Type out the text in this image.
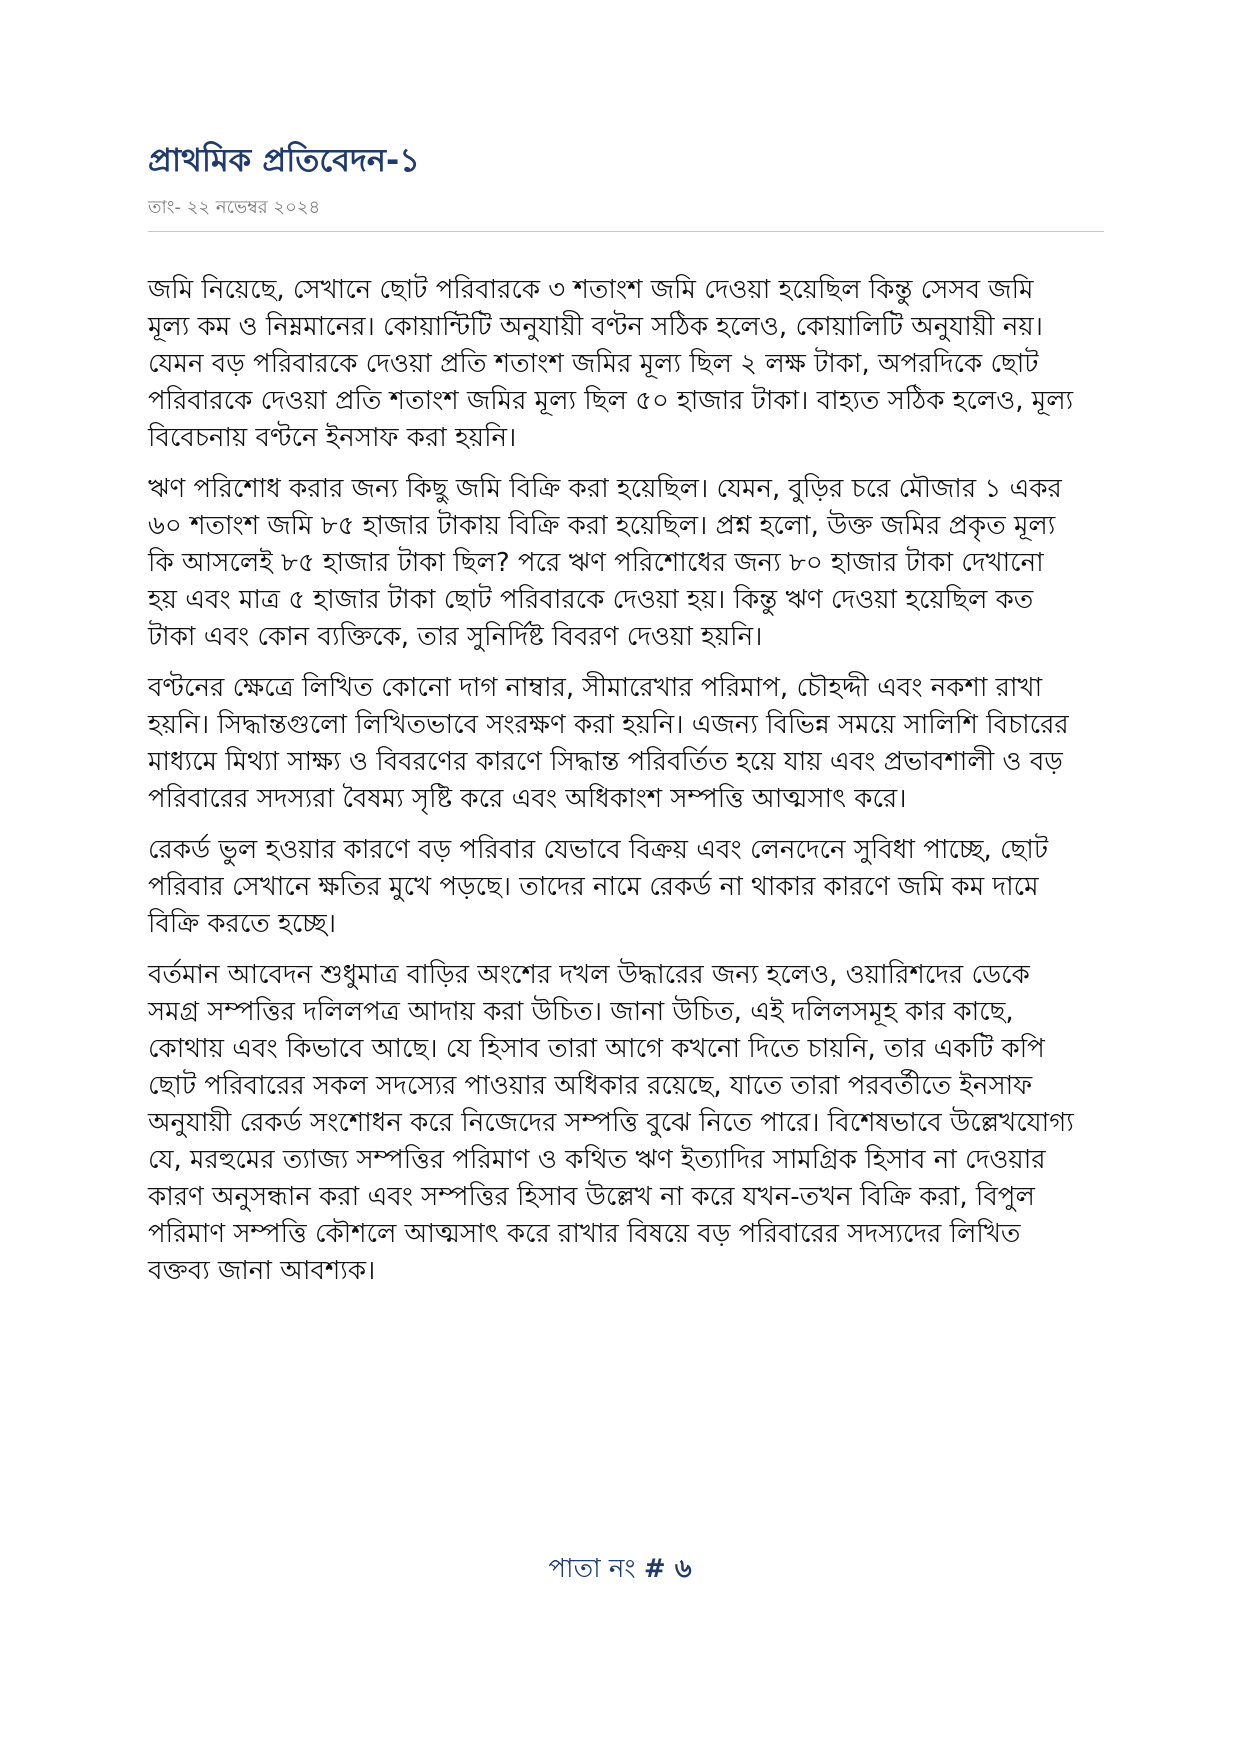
প্রাথমিক প্রতিবেদন-১
তাং- ২২ নভেম্বর ২০২৪

জমি নিয়েছে, সেখানে ছোট পরিবারকে ৩ শতাংশ জমি দেওয়া হয়েছিল কিন্তু সেসব জমি মূল্য কম ও নিম্নমানের। কোয়ান্টিটি অনুযায়ী বণ্টন সঠিক হলেও, কোয়ালিটি অনুযায়ী নয়। যেমন বড় পরিবারকে দেওয়া প্রতি শতাংশ জমির মূল্য ছিল ২ লক্ষ টাকা, অপরদিকে ছোট পরিবারকে দেওয়া প্রতি শতাংশ জমির মূল্য ছিল ৫০ হাজার টাকা। বাহ্যত সঠিক হলেও, মূল্য বিবেচনায় বণ্টনে ইনসাফ করা হয়নি।

ঋণ পরিশোধ করার জন্য কিছু জমি বিক্রি করা হয়েছিল। যেমন, বুড়ির চরে মৌজার ১ একর ৬০ শতাংশ জমি ৮৫ হাজার টাকায় বিক্রি করা হয়েছিল। প্রশ্ন হলো, উক্ত জমির প্রকৃত মূল্য কি আসলেই ৮৫ হাজার টাকা ছিল? পরে ঋণ পরিশোধের জন্য ৮০ হাজার টাকা দেখানো হয় এবং মাত্র ৫ হাজার টাকা ছোট পরিবারকে দেওয়া হয়। কিন্তু ঋণ দেওয়া হয়েছিল কত টাকা এবং কোন ব্যক্তিকে, তার সুনির্দিষ্ট বিবরণ দেওয়া হয়নি।

বণ্টনের ক্ষেত্রে লিখিত কোনো দাগ নাম্বার, সীমারেখার পরিমাপ, চৌহদ্দী এবং নকশা রাখা হয়নি। সিদ্ধান্তগুলো লিখিতভাবে সংরক্ষণ করা হয়নি। এজন্য বিভিন্ন সময়ে সালিশি বিচারের মাধ্যমে মিথ্যা সাক্ষ্য ও বিবরণের কারণে সিদ্ধান্ত পরিবর্তিত হয়ে যায় এবং প্রভাবশালী ও বড় পরিবারের সদস্যরা বৈষম্য সৃষ্টি করে এবং অধিকাংশ সম্পত্তি আত্মসাৎ করে।

রেকর্ড ভুল হওয়ার কারণে বড় পরিবার যেভাবে বিক্রয় এবং লেনদেনে সুবিধা পাচ্ছে, ছোট পরিবার সেখানে ক্ষতির মুখে পড়ছে। তাদের নামে রেকর্ড না থাকার কারণে জমি কম দামে বিক্রি করতে হচ্ছে।

বর্তমান আবেদন শুধুমাত্র বাড়ির অংশের দখল উদ্ধারের জন্য হলেও, ওয়ারিশদের ডেকে সমগ্র সম্পত্তির দলিলপত্র আদায় করা উচিত। জানা উচিত, এই দলিলসমূহ কার কাছে, কোথায় এবং কিভাবে আছে। যে হিসাব তারা আগে কখনো দিতে চায়নি, তার একটি কপি ছোট পরিবারের সকল সদস্যের পাওয়ার অধিকার রয়েছে, যাতে তারা পরবর্তীতে ইনসাফ অনুযায়ী রেকর্ড সংশোধন করে নিজেদের সম্পত্তি বুঝে নিতে পারে। বিশেষভাবে উল্লেখযোগ্য যে, মরহুমের ত্যাজ্য সম্পত্তির পরিমাণ ও কথিত ঋণ ইত্যাদির সামগ্রিক হিসাব না দেওয়ার কারণ অনুসন্ধান করা এবং সম্পত্তির হিসাব উল্লেখ না করে যখন-তখন বিক্রি করা, বিপুল পরিমাণ সম্পত্তি কৌশলে আত্মসাৎ করে রাখার বিষয়ে বড় পরিবারের সদস্যদের লিখিত বক্তব্য জানা আবশ্যক।

পাতা নং # ৬
